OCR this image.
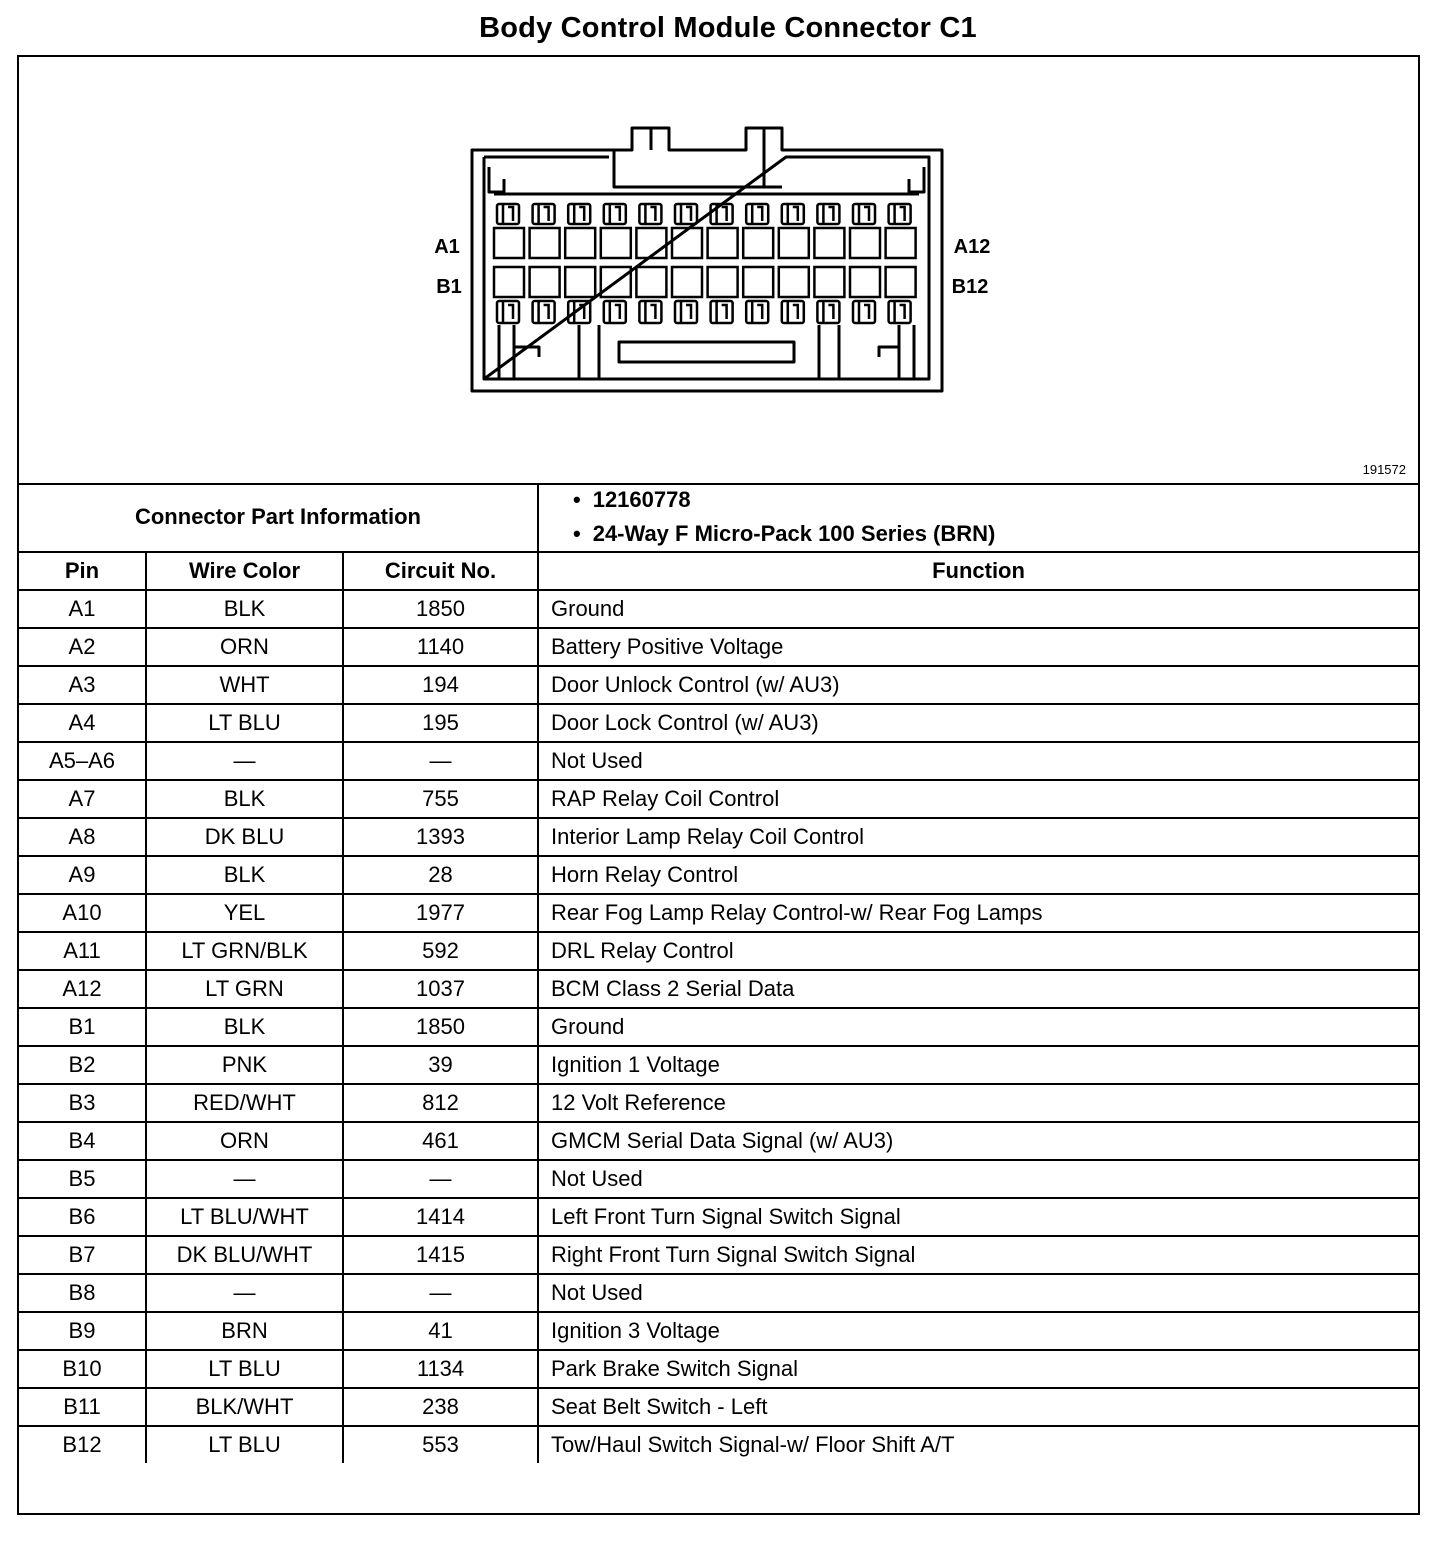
Body Control Module Connector C1
A1
B1
A12
B12
191572
Connector Part Information			• 12160778
• 24-Way F Micro-Pack 100 Series (BRN)

Pin	Wire Color	Circuit No.	Function
A1	BLK	1850	Ground
A2	ORN	1140	Battery Positive Voltage
A3	WHT	194	Door Unlock Control (w/ AU3)
A4	LT BLU	195	Door Lock Control (w/ AU3)
A5–A6	—	—	Not Used
A7	BLK	755	RAP Relay Coil Control
A8	DK BLU	1393	Interior Lamp Relay Coil Control
A9	BLK	28	Horn Relay Control
A10	YEL	1977	Rear Fog Lamp Relay Control-w/ Rear Fog Lamps
A11	LT GRN/BLK	592	DRL Relay Control
A12	LT GRN	1037	BCM Class 2 Serial Data
B1	BLK	1850	Ground
B2	PNK	39	Ignition 1 Voltage
B3	RED/WHT	812	12 Volt Reference
B4	ORN	461	GMCM Serial Data Signal (w/ AU3)
B5	—	—	Not Used
B6	LT BLU/WHT	1414	Left Front Turn Signal Switch Signal
B7	DK BLU/WHT	1415	Right Front Turn Signal Switch Signal
B8	—	—	Not Used
B9	BRN	41	Ignition 3 Voltage
B10	LT BLU	1134	Park Brake Switch Signal
B11	BLK/WHT	238	Seat Belt Switch - Left
B12	LT BLU	553	Tow/Haul Switch Signal-w/ Floor Shift A/T
